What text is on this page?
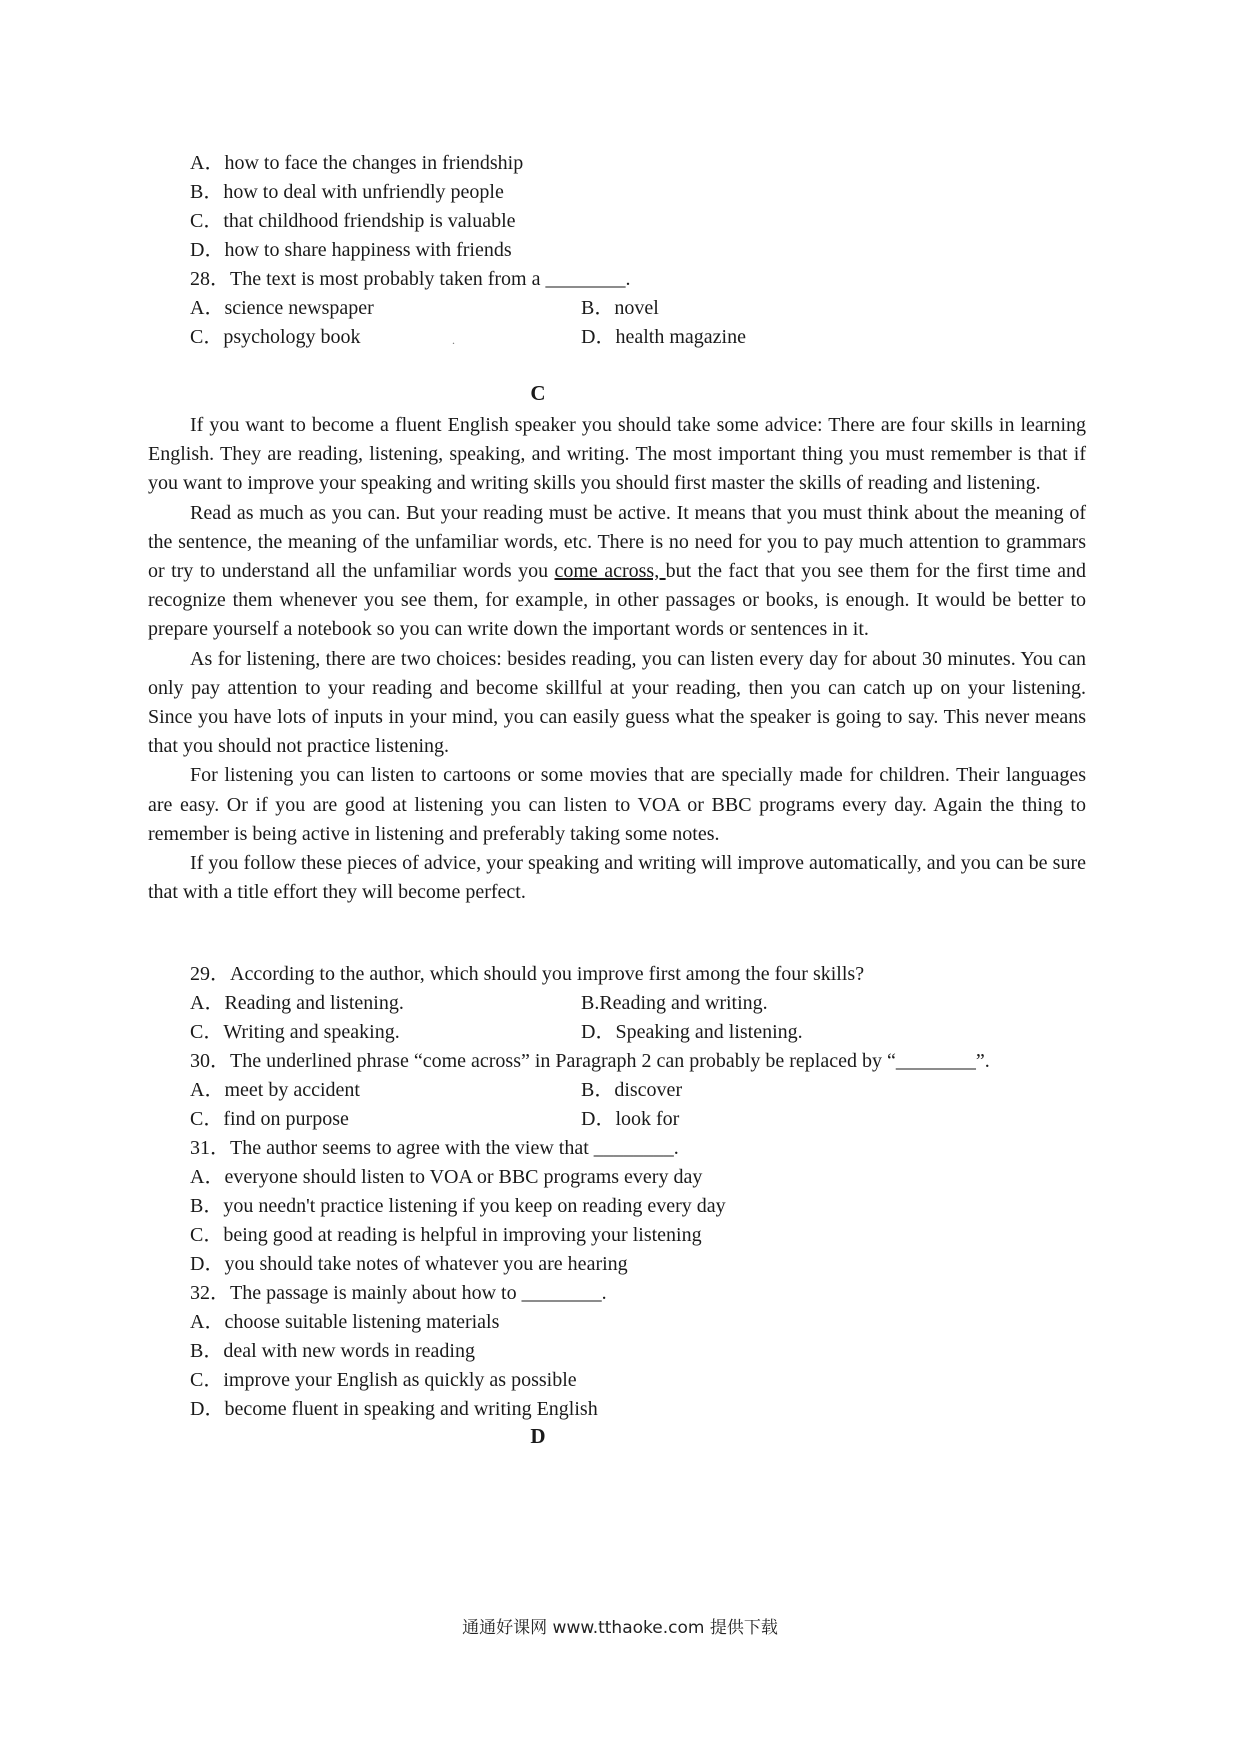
A．how to face the changes in friendship
B．how to deal with unfriendly people
C．that childhood friendship is valuable
D．how to share happiness with friends
28．The text is most probably taken from a ________.
A．science newspaper	B．novel
C．psychology book	D．health magazine
.
C

If you want to become a fluent English speaker you should take some advice: There are four skills in learning English. They are reading, listening, speaking, and writing. The most important thing you must remember is that if you want to improve your speaking and writing skills you should first master the skills of reading and listening.

Read as much as you can. But your reading must be active. It means that you must think about the meaning of the sentence, the meaning of the unfamiliar words, etc. There is no need for you to pay much attention to grammars or try to understand all the unfamiliar words you come across, but the fact that you see them for the first time and recognize them whenever you see them, for example, in other passages or books, is enough. It would be better to prepare yourself a notebook so you can write down the important words or sentences in it.

As for listening, there are two choices: besides reading, you can listen every day for about 30 minutes. You can only pay attention to your reading and become skillful at your reading, then you can catch up on your listening. Since you have lots of inputs in your mind, you can easily guess what the speaker is going to say. This never means that you should not practice listening.

For listening you can listen to cartoons or some movies that are specially made for children. Their languages are easy. Or if you are good at listening you can listen to VOA or BBC programs every day. Again the thing to remember is being active in listening and preferably taking some notes.

If you follow these pieces of advice, your speaking and writing will improve automatically, and you can be sure that with a title effort they will become perfect.

29．According to the author, which should you improve first among the four skills?
A．Reading and listening.	B.Reading and writing.
C．Writing and speaking.	D．Speaking and listening.
30．The underlined phrase “come across” in Paragraph 2 can probably be replaced by “________”.
A．meet by accident	B．discover
C．find on purpose	D．look for
31．The author seems to agree with the view that ________.
A．everyone should listen to VOA or BBC programs every day
B．you needn't practice listening if you keep on reading every day
C．being good at reading is helpful in improving your listening
D．you should take notes of whatever you are hearing
32．The passage is mainly about how to ________.
A．choose suitable listening materials
B．deal with new words in reading
C．improve your English as quickly as possible
D．become fluent in speaking and writing English
D
通通好课网 www.tthaoke.com 提供下载
